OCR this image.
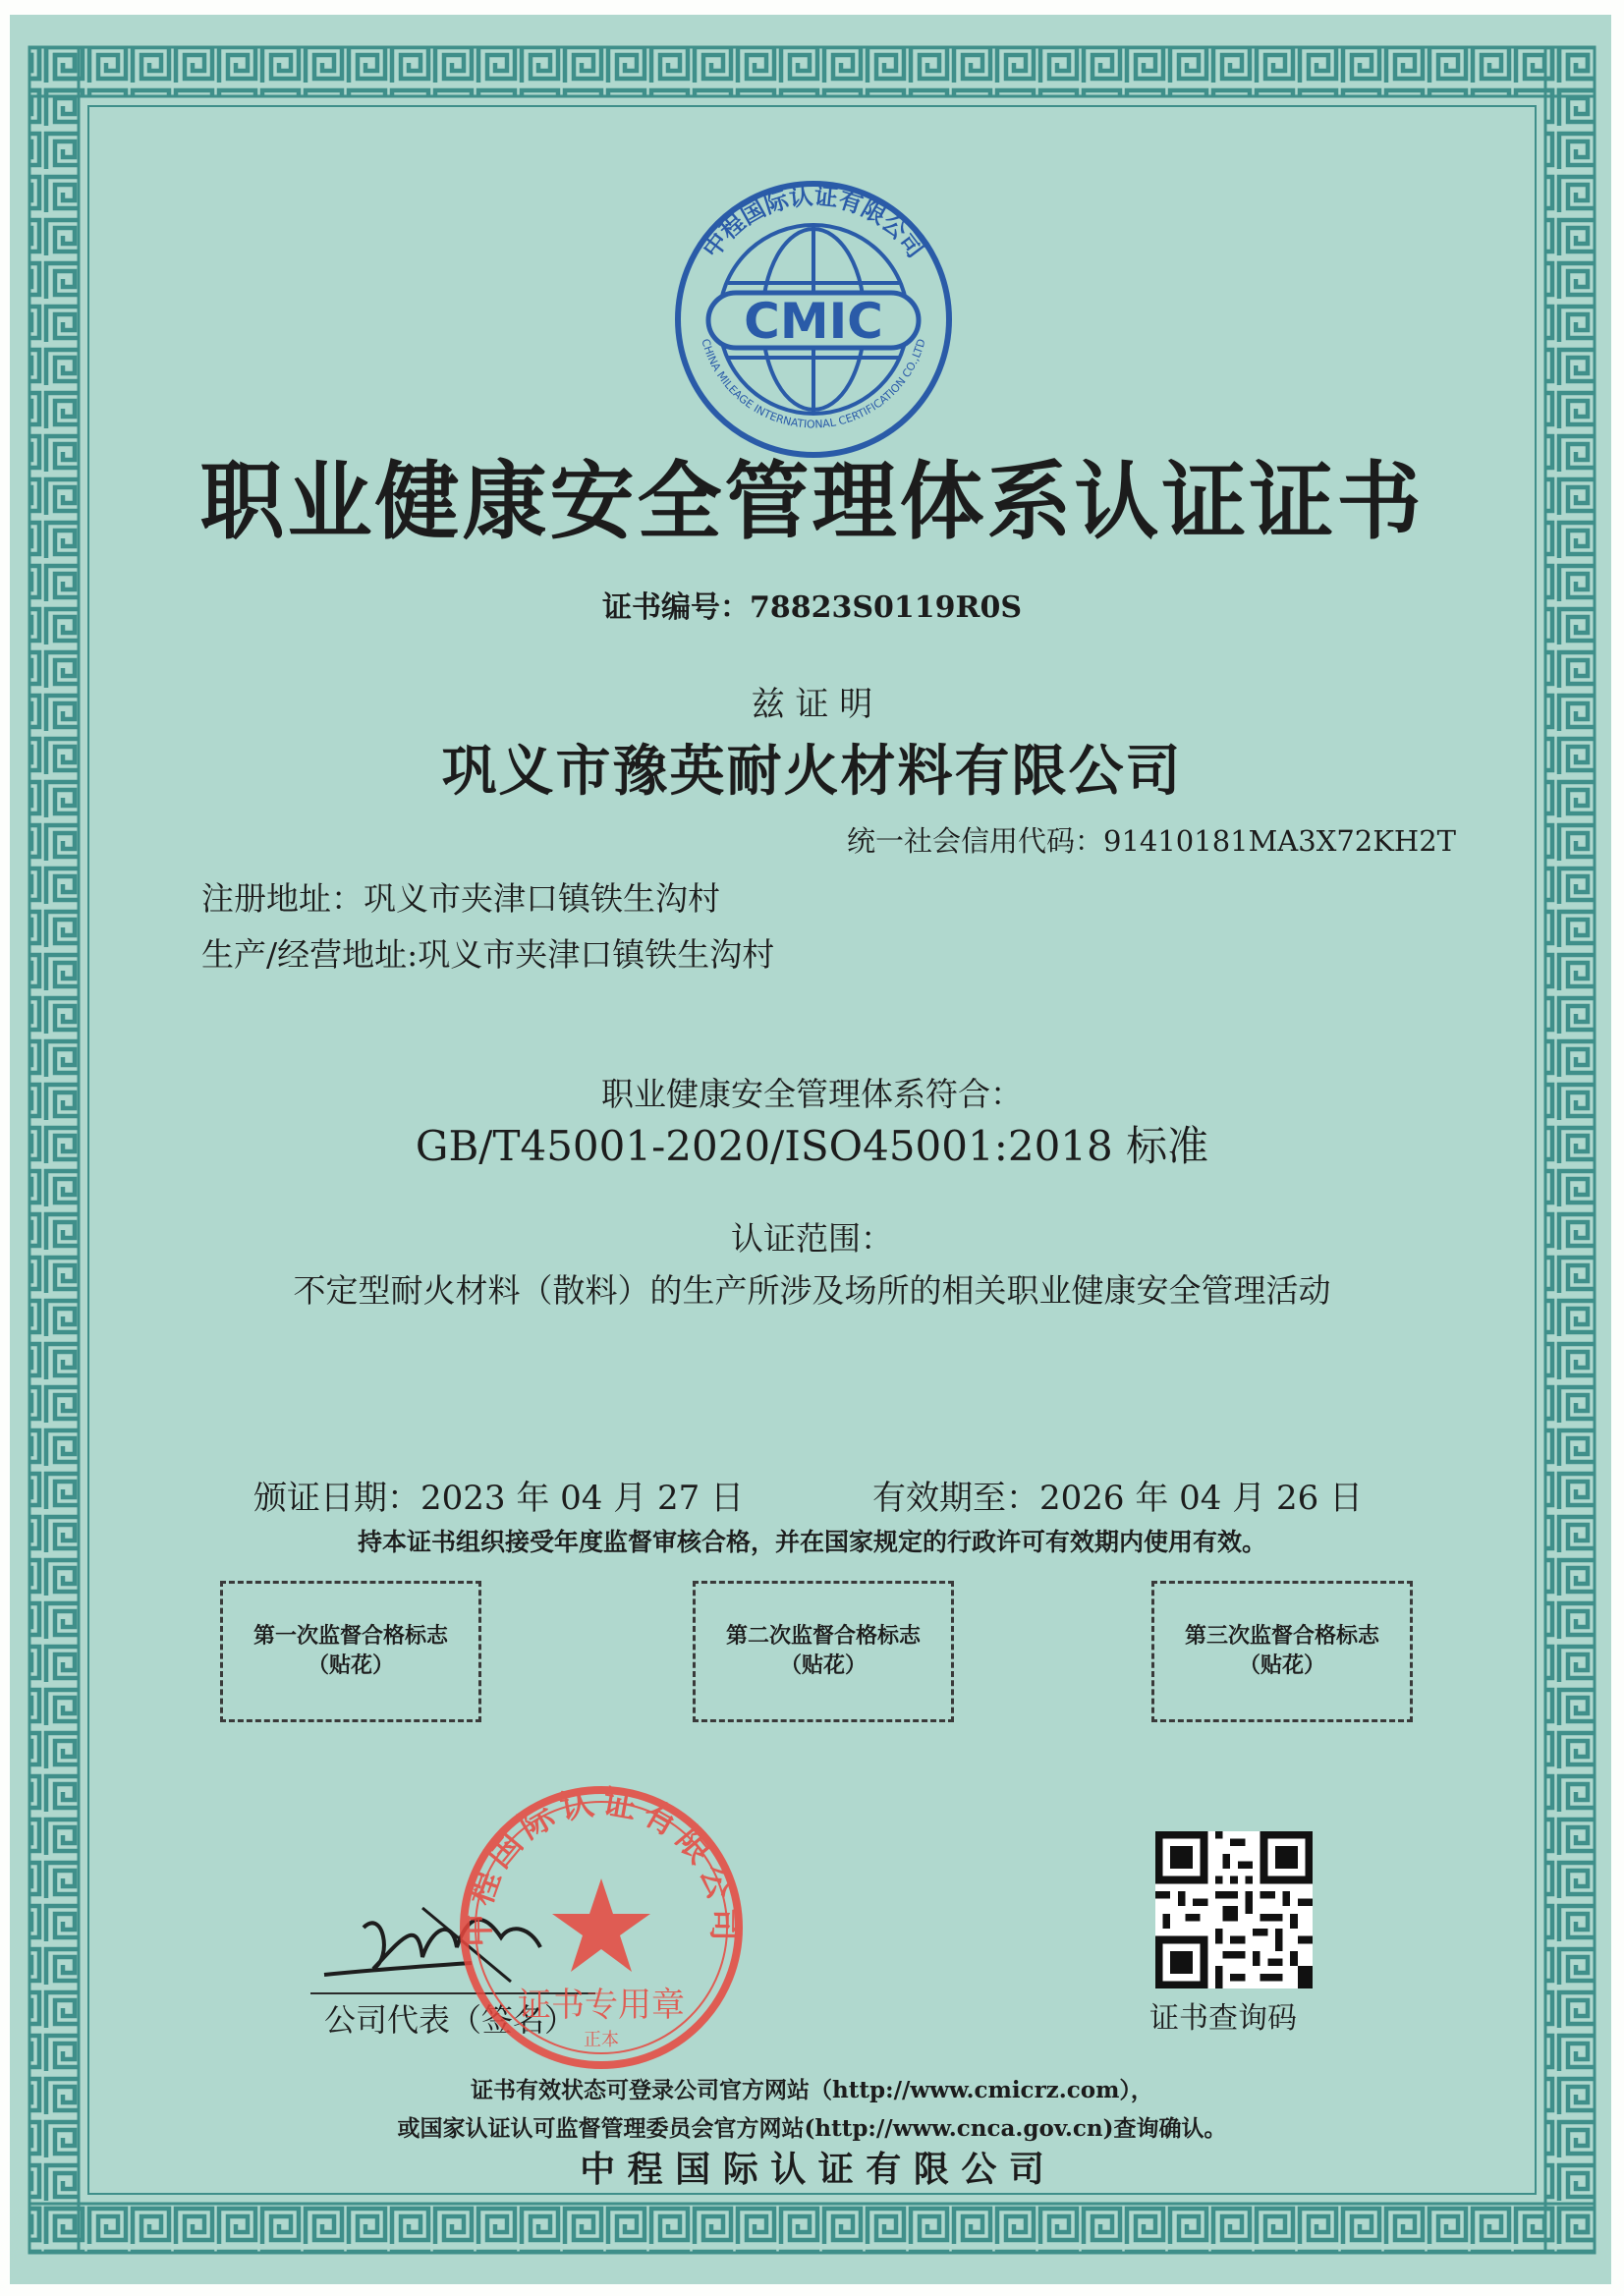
CMIC
中程国际认证有限公司
CHINA MILEAGE INTERNATIONAL CERTIFICATION CO.,LTD
职业健康安全管理体系认证证书
证书编号：78823S0119R0S
兹 证 明
巩义市豫英耐火材料有限公司
统一社会信用代码：91410181MA3X72KH2T
注册地址：巩义市夹津口镇铁生沟村
生产/经营地址:巩义市夹津口镇铁生沟村
职业健康安全管理体系符合：
GB/T45001-2020/ISO45001:2018 标准
认证范围：
不定型耐火材料（散料）的生产所涉及场所的相关职业健康安全管理活动
颁证日期：2023 年 04 月 27 日	有效期至：2026 年 04 月 26 日
持本证书组织接受年度监督审核合格，并在国家规定的行政许可有效期内使用有效。
第一次监督合格标志
（贴花）
第二次监督合格标志
（贴花）
第三次监督合格标志
（贴花）
公司代表（签名）
中程国际认证有限公司
证书专用章
正本
证书查询码
证书有效状态可登录公司官方网站（http://www.cmicrz.com），
或国家认证认可监督管理委员会官方网站(http://www.cnca.gov.cn)查询确认。
中 程 国 际 认 证 有 限 公 司
